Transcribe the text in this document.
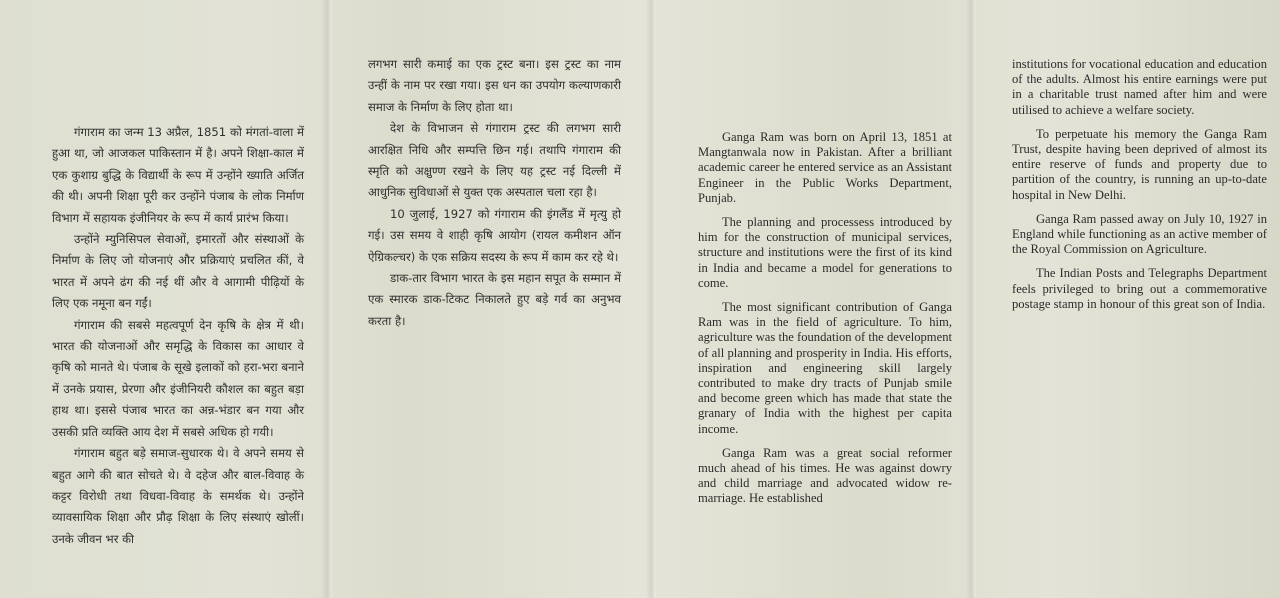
गंगाराम का जन्म 13 अप्रैल, 1851 को मंगतां-वाला में हुआ था, जो आजकल पाकिस्तान में है। अपने शिक्षा-काल में एक कुशाग्र बुद्धि के विद्यार्थी के रूप में उन्होंने ख्याति अर्जित की थी। अपनी शिक्षा पूरी कर उन्होंने पंजाब के लोक निर्माण विभाग में सहायक इंजीनियर के रूप में कार्य प्रारंभ किया।

उन्होंने म्युनिसिपल सेवाओं, इमारतों और संस्थाओं के निर्माण के लिए जो योजनाएं और प्रक्रियाएं प्रचलित कीं, वे भारत में अपने ढंग की नई थीं और वे आगामी पीढ़ियों के लिए एक नमूना बन गईं।

गंगाराम की सबसे महत्वपूर्ण देन कृषि के क्षेत्र में थी। भारत की योजनाओं और समृद्धि के विकास का आधार वे कृषि को मानते थे। पंजाब के सूखे इलाकों को हरा-भरा बनाने में उनके प्रयास, प्रेरणा और इंजीनियरी कौशल का बहुत बड़ा हाथ था। इससे पंजाब भारत का अन्न-भंडार बन गया और उसकी प्रति व्यक्ति आय देश में सबसे अधिक हो गयी।

गंगाराम बहुत बड़े समाज-सुधारक थे। वे अपने समय से बहुत आगे की बात सोचते थे। वे दहेज और बाल-विवाह के कट्टर विरोधी तथा विधवा-विवाह के समर्थक थे। उन्होंने व्यावसायिक शिक्षा और प्रौढ़ शिक्षा के लिए संस्थाएं खोलीं। उनके जीवन भर की

लगभग सारी कमाई का एक ट्रस्ट बना। इस ट्रस्ट का नाम उन्हीं के नाम पर रखा गया। इस धन का उपयोग कल्याणकारी समाज के निर्माण के लिए होता था।

देश के विभाजन से गंगाराम ट्रस्ट की लगभग सारी आरक्षित निधि और सम्पत्ति छिन गई। तथापि गंगाराम की स्मृति को अक्षुण्ण रखने के लिए यह ट्रस्ट नई दिल्ली में आधुनिक सुविधाओं से युक्त एक अस्पताल चला रहा है।

10 जुलाई, 1927 को गंगाराम की इंगलैंड में मृत्यु हो गई। उस समय वे शाही कृषि आयोग (रायल कमीशन ऑन ऐग्रिकल्चर) के एक सक्रिय सदस्य के रूप में काम कर रहे थे।

डाक-तार विभाग भारत के इस महान सपूत के सम्मान में एक स्मारक डाक-टिकट निकालते हुए बड़े गर्व का अनुभव करता है।

Ganga Ram was born on April 13, 1851 at Mangtanwala now in Pakistan. After a brilliant academic career he entered service as an Assistant Engineer in the Public Works Department, Punjab.

The planning and processess introduced by him for the construction of municipal services, structure and institutions were the first of its kind in India and became a model for generations to come.

The most significant contribution of Ganga Ram was in the field of agriculture. To him, agriculture was the foundation of the development of all planning and prosperity in India. His efforts, inspiration and engineering skill largely contributed to make dry tracts of Punjab smile and become green which has made that state the granary of India with the highest per capita income.

Ganga Ram was a great social reformer much ahead of his times. He was against dowry and child marriage and advocated widow re-marriage. He established

institutions for vocational education and education of the adults. Almost his entire earnings were put in a charitable trust named after him and were utilised to achieve a welfare society.

To perpetuate his memory the Ganga Ram Trust, despite having been deprived of almost its entire reserve of funds and property due to partition of the country, is running an up-to-date hospital in New Delhi.

Ganga Ram passed away on July 10, 1927 in England while functioning as an active member of the Royal Commission on Agriculture.

The Indian Posts and Telegraphs Department feels privileged to bring out a commemorative postage stamp in honour of this great son of India.
